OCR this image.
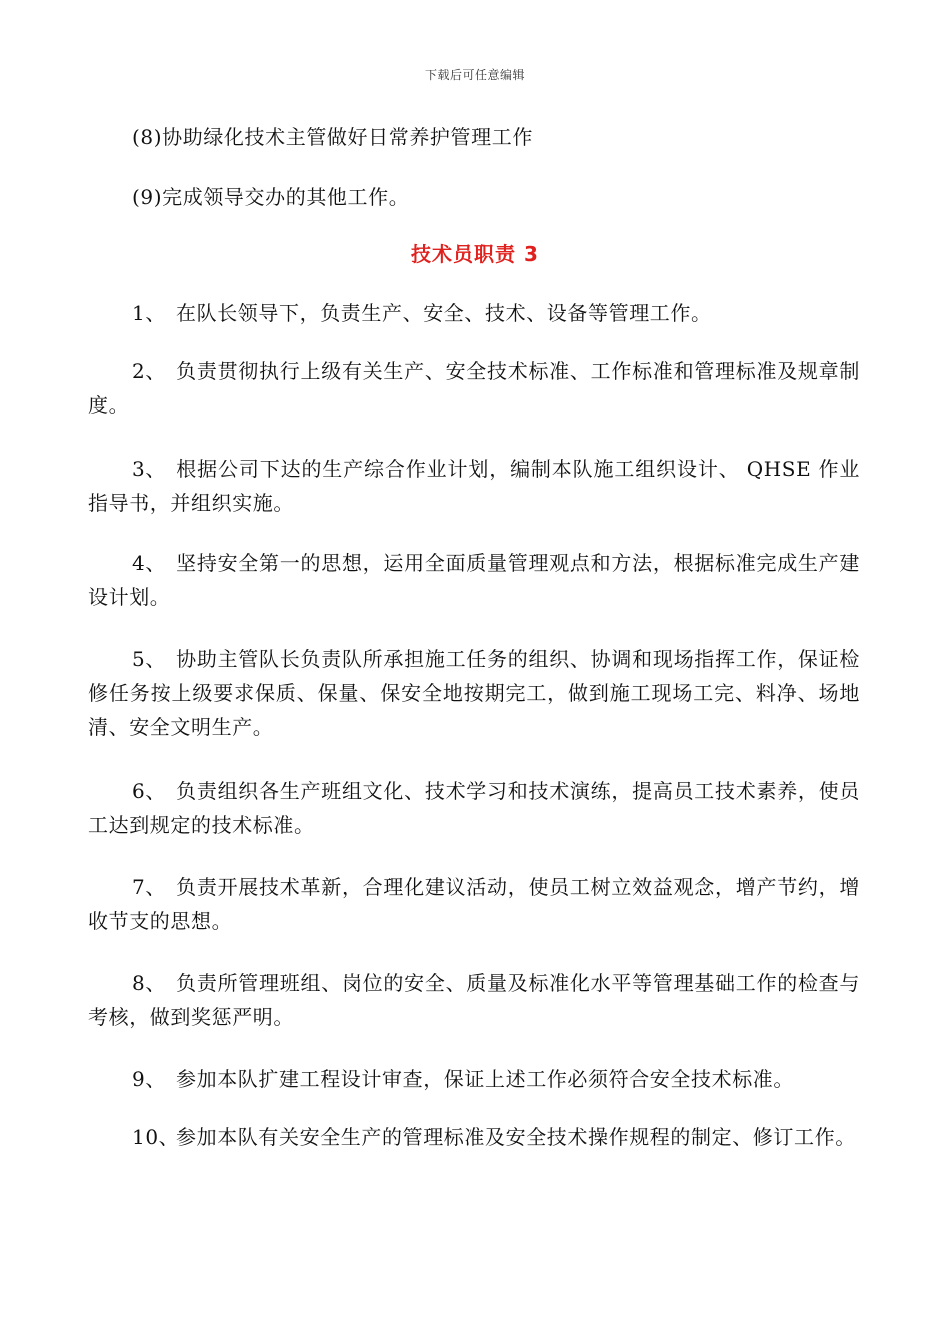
下载后可任意编辑

(8)协助绿化技术主管做好日常养护管理工作

(9)完成领导交办的其他工作。

技术员职责 3

1、 在队长领导下，负责生产、安全、技术、设备等管理工作。

2、 负责贯彻执行上级有关生产、安全技术标准、工作标准和管理标准及规章制度。

3、 根据公司下达的生产综合作业计划，编制本队施工组织设计、 QHSE 作业指导书，并组织实施。

4、 坚持安全第一的思想，运用全面质量管理观点和方法，根据标准完成生产建设计划。

5、 协助主管队长负责队所承担施工任务的组织、协调和现场指挥工作，保证检修任务按上级要求保质、保量、保安全地按期完工，做到施工现场工完、料净、场地清、安全文明生产。

6、 负责组织各生产班组文化、技术学习和技术演练，提高员工技术素养，使员工达到规定的技术标准。

7、 负责开展技术革新，合理化建议活动，使员工树立效益观念，增产节约，增收节支的思想。

8、 负责所管理班组、岗位的安全、质量及标准化水平等管理基础工作的检查与考核，做到奖惩严明。

9、 参加本队扩建工程设计审查，保证上述工作必须符合安全技术标准。

10、参加本队有关安全生产的管理标准及安全技术操作规程的制定、修订工作。
